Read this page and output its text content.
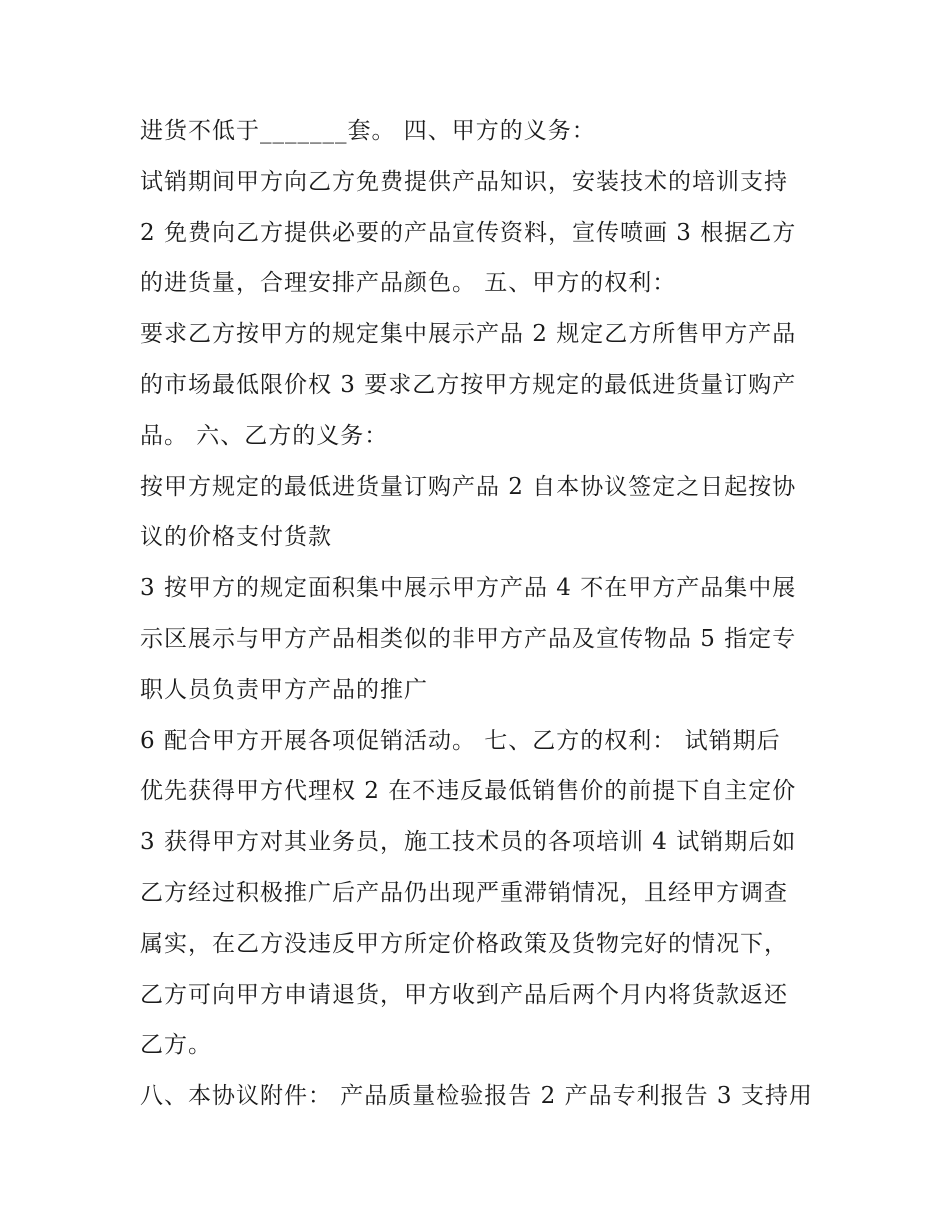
进货不低于_______套。 四、甲方的义务：
试销期间甲方向乙方免费提供产品知识，安装技术的培训支持
2 免费向乙方提供必要的产品宣传资料，宣传喷画 3 根据乙方
的进货量，合理安排产品颜色。 五、甲方的权利：
要求乙方按甲方的规定集中展示产品 2 规定乙方所售甲方产品
的市场最低限价权 3 要求乙方按甲方规定的最低进货量订购产
品。 六、乙方的义务：
按甲方规定的最低进货量订购产品 2 自本协议签定之日起按协
议的价格支付货款
3 按甲方的规定面积集中展示甲方产品 4 不在甲方产品集中展
示区展示与甲方产品相类似的非甲方产品及宣传物品 5 指定专
职人员负责甲方产品的推广
6 配合甲方开展各项促销活动。 七、乙方的权利： 试销期后
优先获得甲方代理权 2 在不违反最低销售价的前提下自主定价
3 获得甲方对其业务员，施工技术员的各项培训 4 试销期后如
乙方经过积极推广后产品仍出现严重滞销情况，且经甲方调查
属实，在乙方没违反甲方所定价格政策及货物完好的情况下，
乙方可向甲方申请退货，甲方收到产品后两个月内将货款返还
乙方。
八、本协议附件： 产品质量检验报告 2 产品专利报告 3 支持用
